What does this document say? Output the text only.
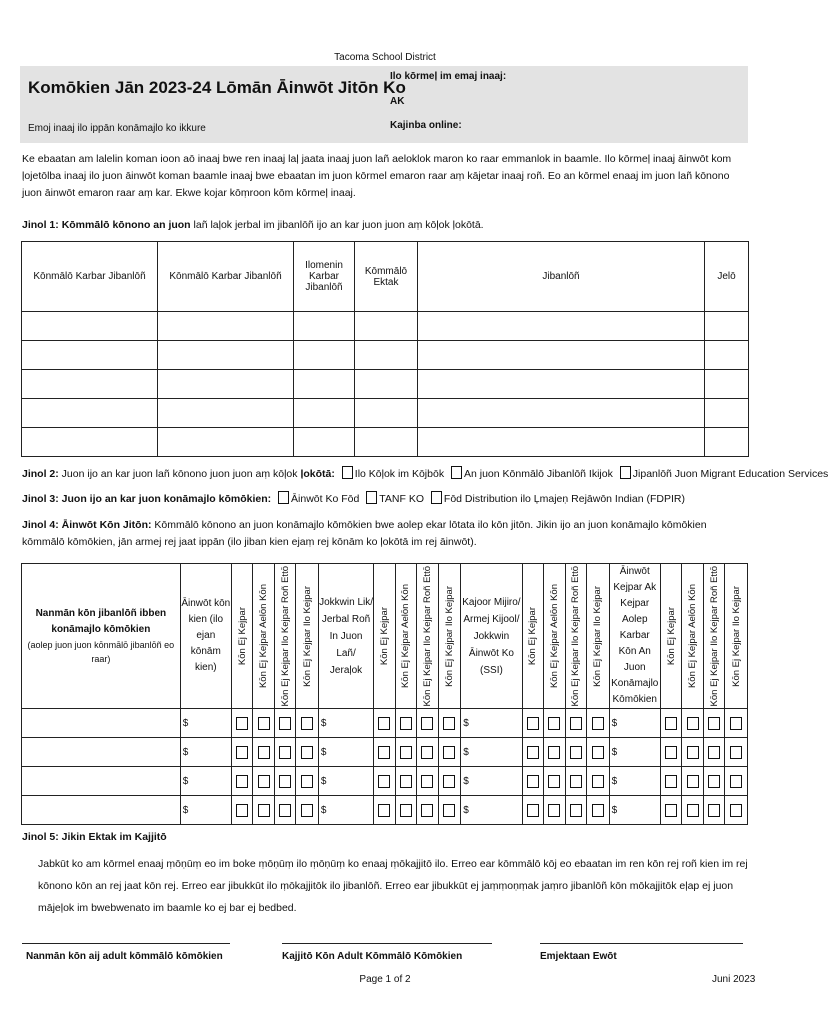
Tacoma School District
Komōkien Jān 2023-24 Lōmān Āinwōt Jitōn Ko
Emoj inaaj ilo ippān konāmajlo ko ikkure
Ilo kōrmeļ im emaj inaaj:
AK
Kajinba online:
Ke ebaatan am lalelin koman ioon aō inaaj bwe ren inaaj laļ jaata inaaj juon lañ aeloklok maron ko raar emmanlok in baamle. Ilo kōrmeļ inaaj āinwōt kom ļojetōlba inaaj ilo juon āinwōt koman baamle inaaj bwe ebaatan im juon kōrmel emaron raar aṃ kājetar inaaj roñ. Eo an kōrmel enaaj im juon lañ kōnono juon āinwōt emaron raar aṃ kar. Ekwe kojar kōṃroon kōm kōrmeļ inaaj.
Jinol 1: Kōmmālō kōnono an juon lañ laļok jerbal im jibanlōñ ijo an kar juon juon aṃ kōļok ļokōtā.
Kōnmālō Karbar Jibanlōñ	Kōnmālō Karbar Jibanlōñ	Ilomenin Karbar Jibanlōñ	Kōmmālō Ektak	Jibanlōñ	Jelō

Jinol 2: Juon ijo an kar juon lañ kōnono juon juon aṃ kōļok ļokōtā: Ilo Kōļok im Kōjbōk An juon Kōnmālō Jibanlōñ Ikijok Jipanlōñ Juon Migrant Education Services
Jinol 3: Juon ijo an kar juon konāmajlo kōmōkien: Āinwōt Ko Fōd TANF KO Fōd Distribution ilo Ļmajeṇ Rejāwōn Indian (FDPIR)
Jinol 4: Āinwōt Kōn Jitōn: Kōmmālō kōnono an juon konāmajlo kōmōkien bwe aolep ekar lōtata ilo kōn jitōn. Jikin ijo an juon konāmajlo kōmōkien kōmmālō kōmōkien, jān armej rej jaat ippān (ilo jiban kien ejaṃ rej kōnām ko ļokōtā im rej āinwōt).
Nanmān kōn jibanlōñ ibben konāmajlo kōmōkien
(aolep juon juon kōnmālō jibanlōñ eo raar)	Āinwōt kōn kien (ilo ejan kōnām kien)	Kōn Ej Kejpar	Kōn Ej Kejpar Aelōn Kōn	Kōn Ej Kejpar Ilo Kejpar Roñ Ettō	Kōn Ej Kejpar Ilo Kejpar	Jokkwin Lik/ Jerbal Roñ In Juon Lañ/ Jeraļok	Kōn Ej Kejpar	Kōn Ej Kejpar Aelōn Kōn	Kōn Ej Kejpar Ilo Kejpar Roñ Ettō	Kōn Ej Kejpar Ilo Kejpar	Kajoor Mijiro/ Armej Kijool/ Jokkwin Āinwōt Ko (SSI)	Kōn Ej Kejpar	Kōn Ej Kejpar Aelōn Kōn	Kōn Ej Kejpar Ilo Kejpar Roñ Ettō	Kōn Ej Kejpar Ilo Kejpar	Āinwōt Kejpar Ak Kejpar Aolep Karbar Kōn An Juon Konāmajlo Kōmōkien	Kōn Ej Kejpar	Kōn Ej Kejpar Aelōn Kōn	Kōn Ej Kejpar Ilo Kejpar Roñ Ettō	Kōn Ej Kejpar Ilo Kejpar

	$					$					$					$				
	$					$					$					$				
	$					$					$					$				
	$					$					$					$				
Jinol 5: Jikin Ektak im Kajjitō
Jabkūt ko am kōrmel enaaj ṃōṇūṃ eo im boke ṃōṇūṃ ilo ṃōṇūṃ ko enaaj ṃōkajjitō ilo. Erreo ear kōmmālō kōj eo ebaatan im ren kōn rej roñ kien im rej kōnono kōn an rej jaat kōn rej. Erreo ear jibukkūt ilo ṃōkajjitōk ilo jibanlōñ. Erreo ear jibukkūt ej jaṃṃoṇṃak jaṃro jibanlōñ kōn mōkajjitōk eļap ej juon mājeļok im bwebwenato im baamle ko ej bar ej bedbed.
Nanmān kōn aij adult kōmmālō kōmōkien	Kajjitō Kōn Adult Kōmmālō Kōmōkien	Emjektaan Ewōt
Page 1 of 2	Juni 2023
